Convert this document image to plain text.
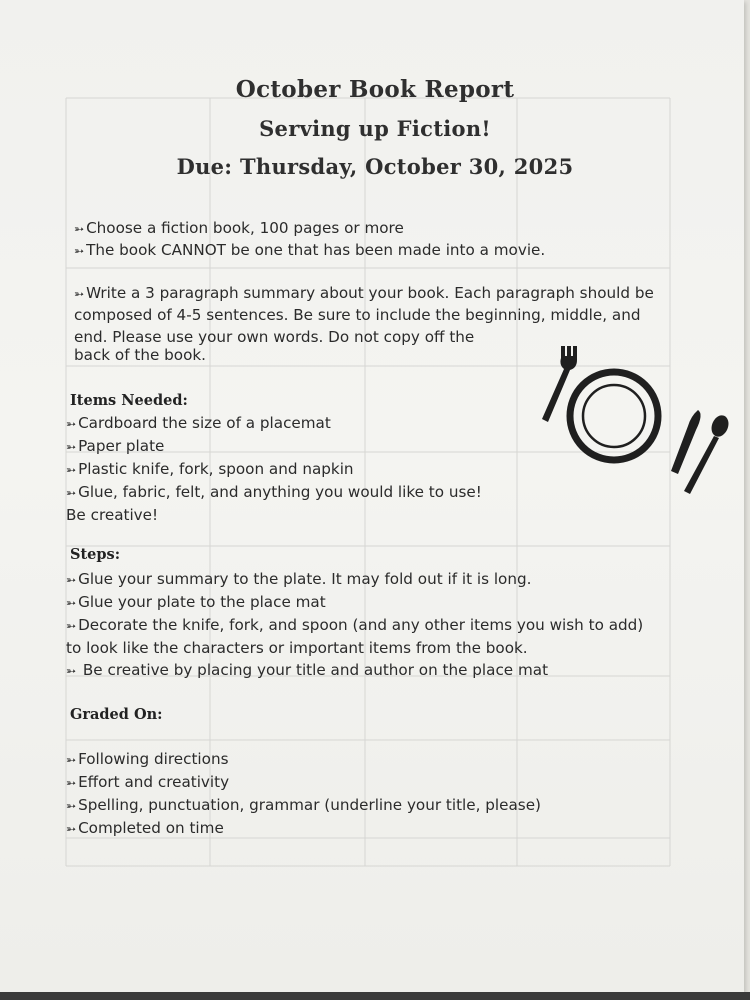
October Book Report
Serving up Fiction!
Due: Thursday, October 30, 2025
➳ Choose a fiction book, 100 pages or more
➳ The book CANNOT be one that has been made into a movie.
➳ Write a 3 paragraph summary about your book. Each paragraph should be
composed of 4-5 sentences. Be sure to include the beginning, middle, and
end. Please use your own words. Do not copy off the
back of the book.
Items Needed:
➳ Cardboard the size of a placemat
➳ Paper plate
➳ Plastic knife, fork, spoon and napkin
➳ Glue, fabric, felt, and anything you would like to use!
Be creative!
Steps:
➳ Glue your summary to the plate. It may fold out if it is long.
➳ Glue your plate to the place mat
➳ Decorate the knife, fork, and spoon (and any other items you wish to add)
to look like the characters or important items from the book.
➳ Be creative by placing your title and author on the place mat
Graded On:
➳ Following directions
➳ Effort and creativity
➳ Spelling, punctuation, grammar (underline your title, please)
➳ Completed on time
